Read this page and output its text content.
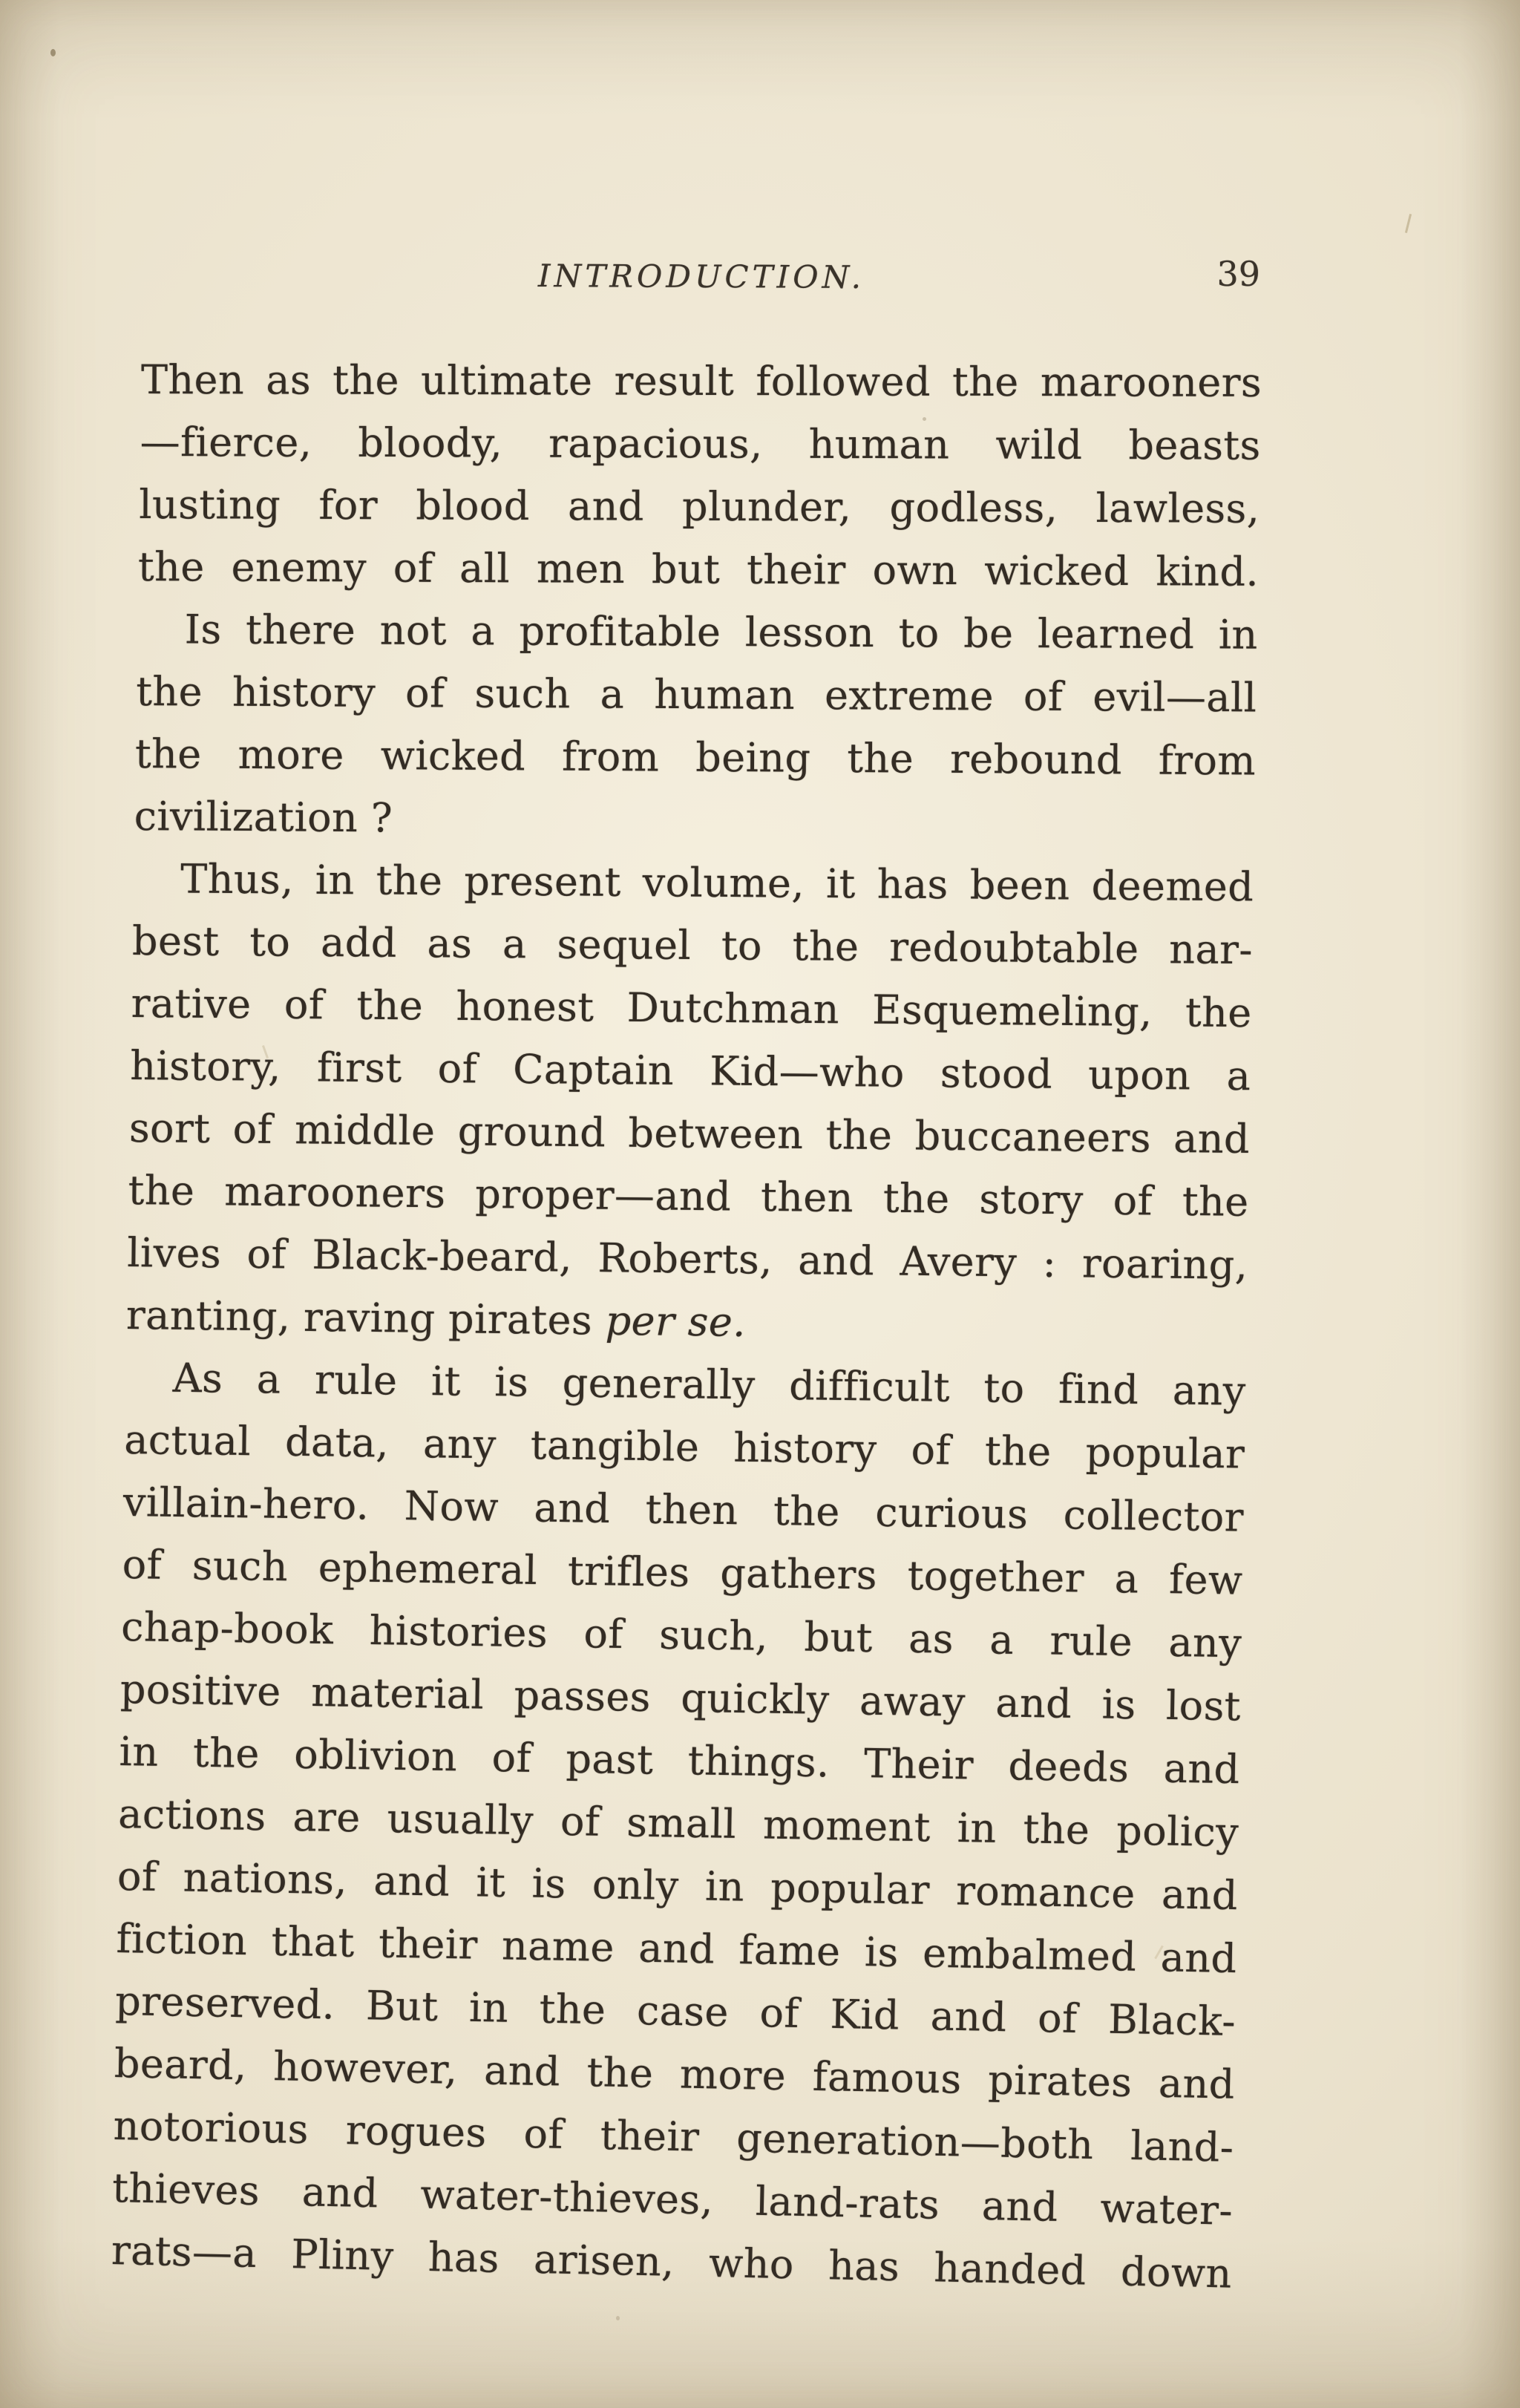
INTRODUCTION.	39
Then as the ultimate result followed the marooners
—fierce, bloody, rapacious, human wild beasts
lusting for blood and plunder, godless, lawless,
the enemy of all men but their own wicked kind.
Is there not a profitable lesson to be learned in
the history of such a human extreme of evil—all
the more wicked from being the rebound from
civilization ?
Thus, in the present volume, it has been deemed
best to add as a sequel to the redoubtable nar-
rative of the honest Dutchman Esquemeling, the
history, first of Captain Kid—who stood upon a
sort of middle ground between the buccaneers and
the marooners proper—and then the story of the
lives of Black-beard, Roberts, and Avery : roaring,
ranting, raving pirates per se.
As a rule it is generally difficult to find any
actual data, any tangible history of the popular
villain-hero. Now and then the curious collector
of such ephemeral trifles gathers together a few
chap-book histories of such, but as a rule any
positive material passes quickly away and is lost
in the oblivion of past things. Their deeds and
actions are usually of small moment in the policy
of nations, and it is only in popular romance and
fiction that their name and fame is embalmed and
preserved. But in the case of Kid and of Black-
beard, however, and the more famous pirates and
notorious rogues of their generation—both land-
thieves and water-thieves, land-rats and water-
rats—a Pliny has arisen, who has handed down
